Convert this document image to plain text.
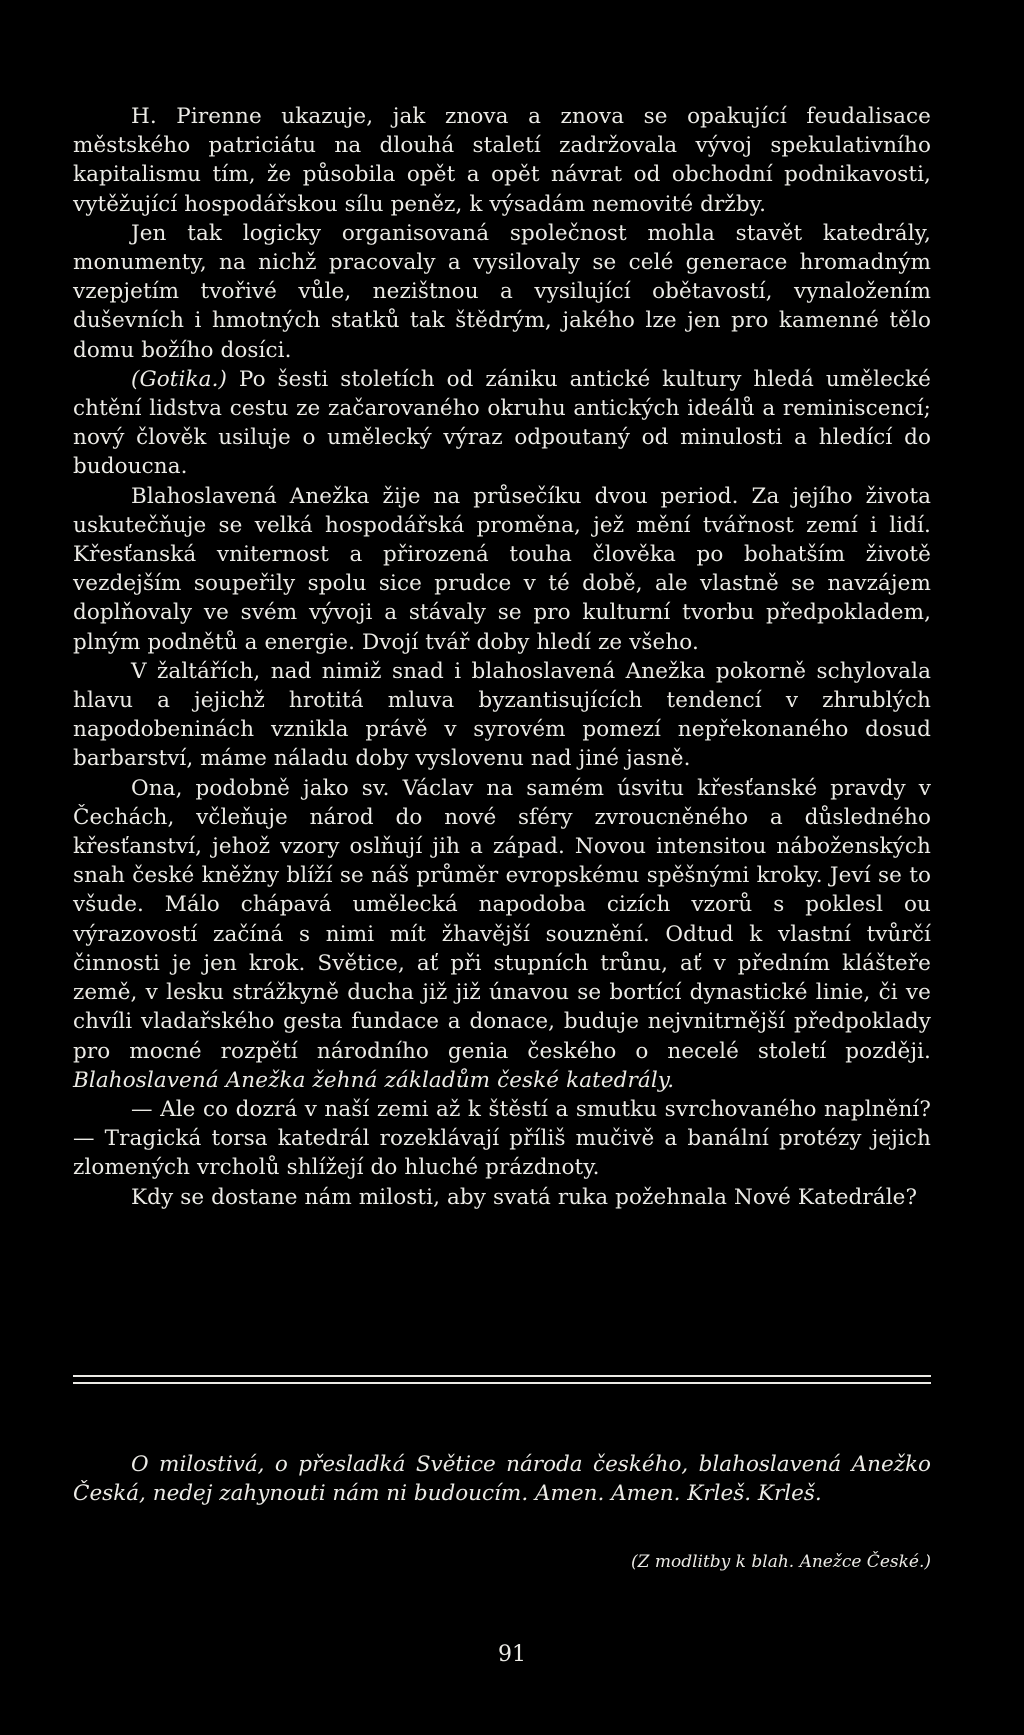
H. Pirenne ukazuje, jak znova a znova se opakující feudalisace městského patriciátu na dlouhá staletí zadržovala vývoj spekulativního kapitalismu tím, že působila opět a opět návrat od obchodní podnikavosti, vytěžující hospodářskou sílu peněz, k výsadám nemovité držby.

Jen tak logicky organisovaná společnost mohla stavět katedrály, monumenty, na nichž pracovaly a vysilovaly se celé generace hromadným vzepjetím tvořivé vůle, nezištnou a vysilující obětavostí, vynaložením duševních i hmotných statků tak štědrým, jakého lze jen pro kamenné tělo domu božího dosíci.

(Gotika.) Po šesti stoletích od zániku antické kultury hledá umělecké chtění lidstva cestu ze začarovaného okruhu antických ideálů a reminiscencí; nový člověk usiluje o umělecký výraz odpoutaný od minulosti a hledící do budoucna.

Blahoslavená Anežka žije na průsečíku dvou period. Za jejího života uskutečňuje se velká hospodářská proměna, jež mění tvářnost zemí i lidí. Křesťanská vniternost a přirozená touha člověka po bohatším životě vezdejším soupeřily spolu sice prudce v té době, ale vlastně se navzájem doplňovaly ve svém vývoji a stávaly se pro kulturní tvorbu předpokladem, plným podnětů a energie. Dvojí tvář doby hledí ze všeho.

V žaltářích, nad nimiž snad i blahoslavená Anežka pokorně schylovala hlavu a jejichž hrotitá mluva byzantisujících tendencí v zhrublých napodobeninách vznikla právě v syrovém pomezí nepřekonaného dosud barbarství, máme náladu doby vyslovenu nad jiné jasně.

Ona, podobně jako sv. Václav na samém úsvitu křesťanské pravdy v Čechách, včleňuje národ do nové sféry zvroucněného a důsledného křesťanství, jehož vzory oslňují jih a západ. Novou intensitou náboženských snah české kněžny blíží se náš průměr evropskému spěšnými kroky. Jeví se to všude. Málo chápavá umělecká napodoba cizích vzorů s poklesl ou výrazovostí začíná s nimi mít žhavější souznění. Odtud k vlastní tvůrčí činnosti je jen krok. Světice, ať při stupních trůnu, ať v předním klášteře země, v lesku strážkyně ducha již již únavou se bortící dynastické linie, či ve chvíli vladařského gesta fundace a donace, buduje nejvnitrnější předpoklady pro mocné rozpětí národního genia českého o necelé století později. Blahoslavená Anežka žehná základům české katedrály.

— Ale co dozrá v naší zemi až k štěstí a smutku svrchovaného naplnění? — Tragická torsa katedrál rozeklávají příliš mučivě a banální protézy jejich zlomených vrcholů shlížejí do hluché prázdnoty.

Kdy se dostane nám milosti, aby svatá ruka požehnala Nové Katedrále?

O milostivá, o přesladká Světice národa českého, blahoslavená Anežko Česká, nedej zahynouti nám ni budoucím. Amen. Amen. Krleš. Krleš.

(Z modlitby k blah. Anežce České.)

91
